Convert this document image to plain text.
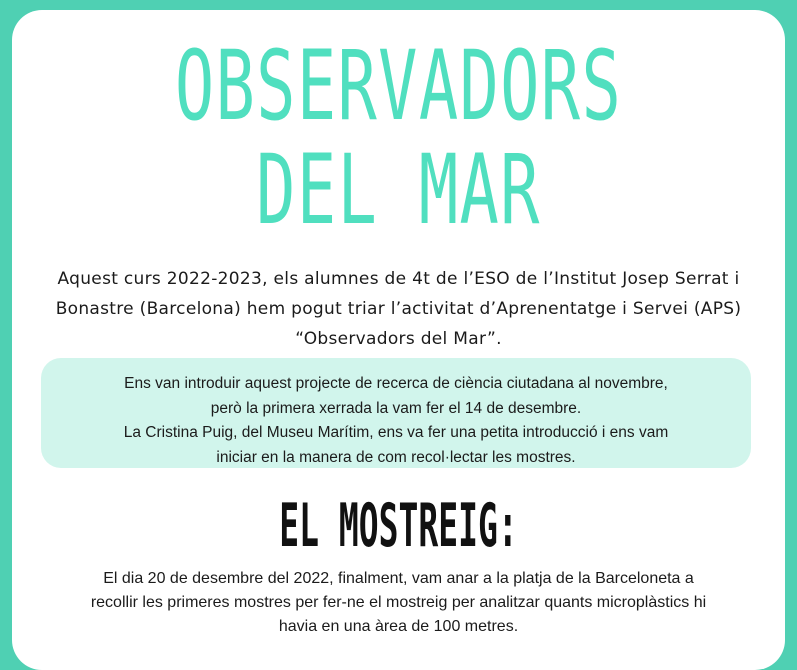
OBSERVADORS
DEL MAR
Aquest curs 2022-2023, els alumnes de 4t de l’ESO de l’Institut Josep Serrat i
Bonastre (Barcelona) hem pogut triar l’activitat d’Aprenentatge i Servei (APS)
“Observadors del Mar”.
Ens van introduir aquest projecte de recerca de ciència ciutadana al novembre,
però la primera xerrada la vam fer el 14 de desembre.
La Cristina Puig, del Museu Marítim, ens va fer una petita introducció i ens vam
iniciar en la manera de com recol·lectar les mostres.
EL MOSTREIG:
El dia 20 de desembre del 2022, finalment, vam anar a la platja de la Barceloneta a
recollir les primeres mostres per fer-ne el mostreig per analitzar quants microplàstics hi
havia en una àrea de 100 metres.
